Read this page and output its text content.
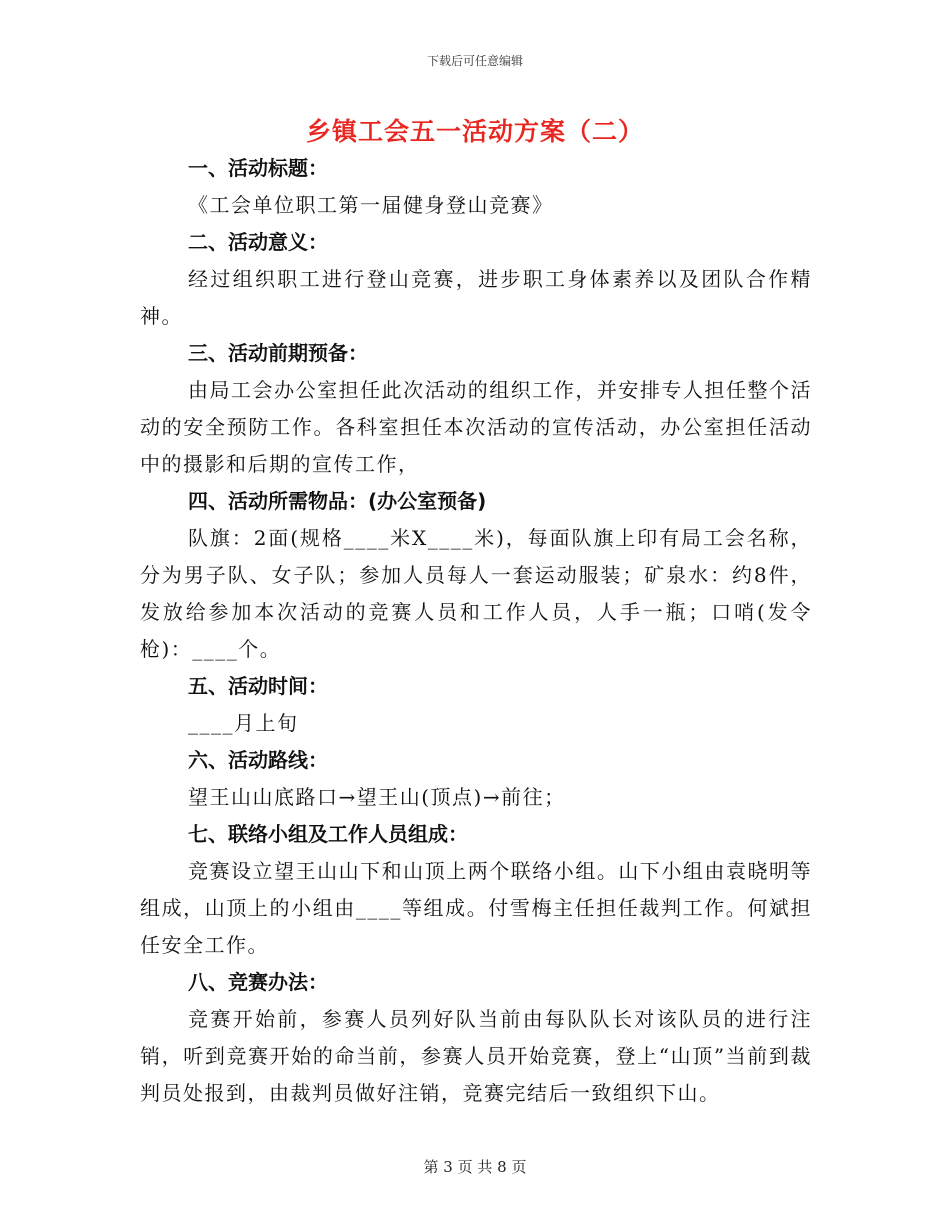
下载后可任意编辑
乡镇工会五一活动方案（二）

一、活动标题：

《工会单位职工第一届健身登山竞赛》

二、活动意义：

经过组织职工进行登山竞赛，进步职工身体素养以及团队合作精神。

三、活动前期预备：

由局工会办公室担任此次活动的组织工作，并安排专人担任整个活动的安全预防工作。各科室担任本次活动的宣传活动，办公室担任活动中的摄影和后期的宣传工作，

四、活动所需物品：(办公室预备)

队旗：2面(规格____米X____米)，每面队旗上印有局工会名称，分为男子队、女子队；参加人员每人一套运动服装；矿泉水：约8件，发放给参加本次活动的竞赛人员和工作人员，人手一瓶；口哨(发令枪)：____个。

五、活动时间：

____月上旬

六、活动路线：

望王山山底路口→望王山(顶点)→前往；

七、联络小组及工作人员组成：

竞赛设立望王山山下和山顶上两个联络小组。山下小组由袁晓明等组成，山顶上的小组由____等组成。付雪梅主任担任裁判工作。何斌担任安全工作。

八、竞赛办法：

竞赛开始前，参赛人员列好队当前由每队队长对该队员的进行注销，听到竞赛开始的命当前，参赛人员开始竞赛，登上“山顶”当前到裁判员处报到，由裁判员做好注销，竞赛完结后一致组织下山。

第 3 页 共 8 页
